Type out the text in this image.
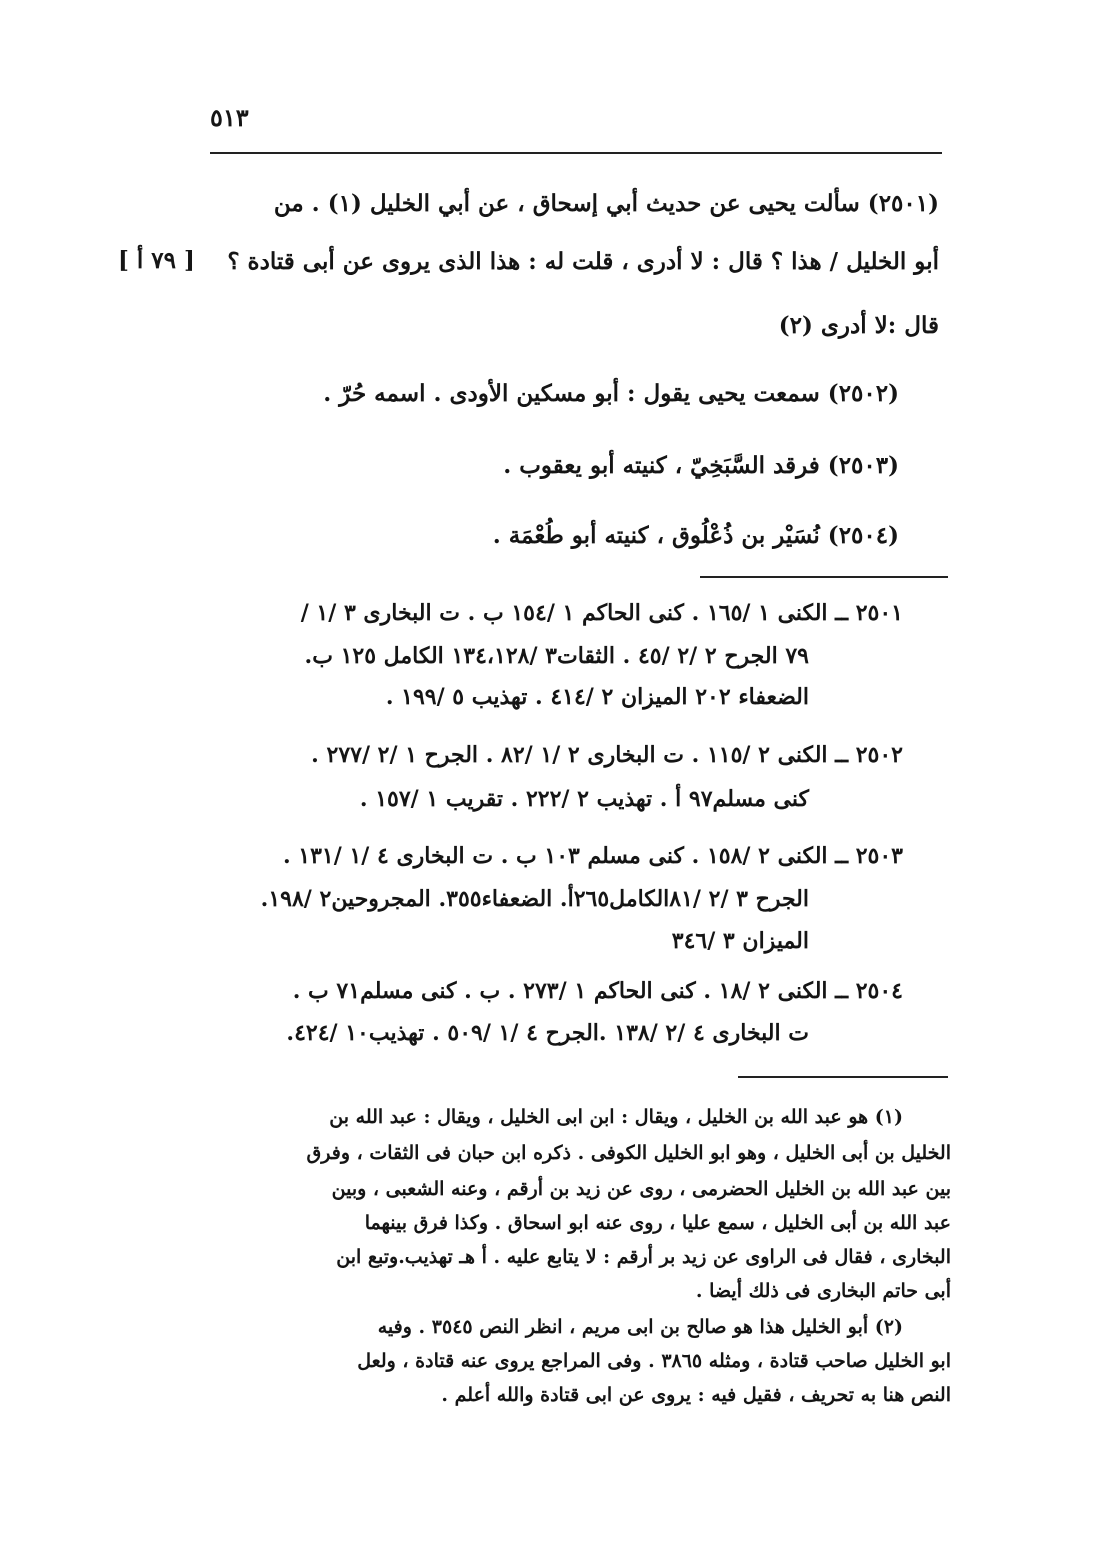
٥١٣
(٢٥٠١) سألت يحيى عن حديث أبي إسحاق ، عن أبي الخليل (١) . من
أبو الخليل / هذا ؟ قال : لا أدرى ، قلت له : هذا الذى يروى عن أبى قتادة ؟
[ ٧٩ أ ]
قال :لا أدرى (٢)
(٢٥٠٢) سمعت يحيى يقول : أبو مسكين الأودى . اسمه حُرّ .
(٢٥٠٣) فرقد السَّبَخِيّ ، كنيته أبو يعقوب .
(٢٥٠٤) نُسَيْر بن ذُعْلُوق ، كنيته أبو طُعْمَة .
٢٥٠١ ــ الكنى ١ /١٦٥ . كنى الحاكم ١ /١٥٤ ب . ت البخارى ٣ /١ /
٧٩ الجرح ٢ /٢ /٤٥ . الثقات٣ /١٣٤،١٢٨ الكامل ١٢٥ ب.
الضعفاء ٢٠٢ الميزان ٢ /٤١٤ . تهذيب ٥ /١٩٩ .
٢٥٠٢ ــ الكنى ٢ /١١٥ . ت البخارى ٢ /١ /٨٢ . الجرح ١ /٢ /٢٧٧ .
كنى مسلم٩٧ أ . تهذيب ٢ /٢٢٢ . تقريب ١ /١٥٧ .
٢٥٠٣ ــ الكنى ٢ /١٥٨ . كنى مسلم ١٠٣ ب . ت البخارى ٤ /١ /١٣١ .
الجرح ٣ /٢ /٨١الكامل٢٦٥أ. الضعفاء٣٥٥. المجروحين٢ /١٩٨.
الميزان ٣ /٣٤٦
٢٥٠٤ ــ الكنى ٢ /١٨ . كنى الحاكم ١ /٢٧٣ . ب . كنى مسلم٧١ ب .
ت البخارى ٤ /٢ /١٣٨ .الجرح ٤ /١ /٥٠٩ . تهذيب١٠ /٤٢٤.
(١) هو عبد الله بن الخليل ، ويقال : ابن ابى الخليل ، ويقال : عبد الله بن
الخليل بن أبى الخليل ، وهو ابو الخليل الكوفى . ذكره ابن حبان فى الثقات ، وفرق
بين عبد الله بن الخليل الحضرمى ، روى عن زيد بن أرقم ، وعنه الشعبى ، وبين
عبد الله بن أبى الخليل ، سمع عليا ، روى عنه ابو اسحاق . وكذا فرق بينهما
البخارى ، فقال فى الراوى عن زيد بر أرقم : لا يتابع عليه . أ هـ تهذيب.وتبع ابن
أبى حاتم البخارى فى ذلك أيضا .
(٢) أبو الخليل هذا هو صالح بن ابى مريم ، انظر النص ٣٥٤٥ . وفيه
ابو الخليل صاحب قتادة ، ومثله ٣٨٦٥ . وفى المراجع يروى عنه قتادة ، ولعل
النص هنا به تحريف ، فقيل فيه : يروى عن ابى قتادة والله أعلم .
